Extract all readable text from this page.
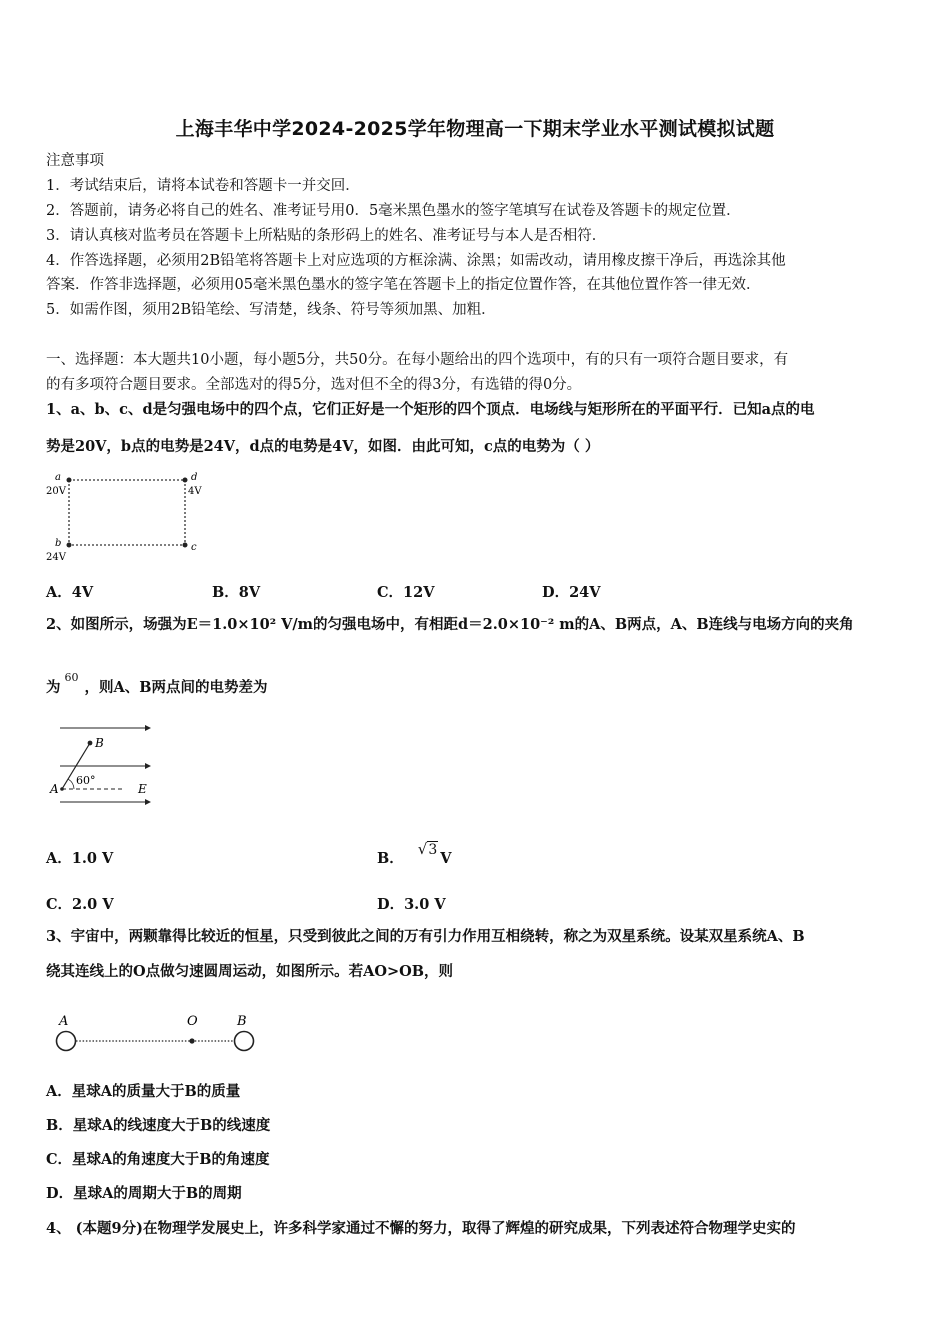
上海丰华中学2024-2025学年物理高一下期末学业水平测试模拟试题
注意事项
1．考试结束后，请将本试卷和答题卡一并交回．
2．答题前，请务必将自己的姓名、准考证号用0．5毫米黑色墨水的签字笔填写在试卷及答题卡的规定位置．
3．请认真核对监考员在答题卡上所粘贴的条形码上的姓名、准考证号与本人是否相符．
4．作答选择题，必须用2B铅笔将答题卡上对应选项的方框涂满、涂黑；如需改动，请用橡皮擦干净后，再选涂其他
答案．作答非选择题，必须用05毫米黑色墨水的签字笔在答题卡上的指定位置作答，在其他位置作答一律无效．
5．如需作图，须用2B铅笔绘、写清楚，线条、符号等须加黑、加粗．
一、选择题：本大题共10小题，每小题5分，共50分。在每小题给出的四个选项中，有的只有一项符合题目要求，有
的有多项符合题目要求。全部选对的得5分，选对但不全的得3分，有选错的得0分。
1、a、b、c、d是匀强电场中的四个点，它们正好是一个矩形的四个顶点．电场线与矩形所在的平面平行．已知a点的电
势是20V，b点的电势是24V，d点的电势是4V，如图．由此可知，c点的电势为（ ）
a
20V
d
4V
b
24V
c
A．4V	B．8V	C．12V	D．24V
2、如图所示，场强为E＝1.0×10² V/m的匀强电场中，有相距d＝2.0×10⁻² m的A、B两点，A、B连线与电场方向的夹角
为60，则A、B两点间的电势差为
B
A
60°
E
A．1.0 V	B．√3 V
C．2.0 V	D．3.0 V
3、宇宙中，两颗靠得比较近的恒星，只受到彼此之间的万有引力作用互相绕转，称之为双星系统。设某双星系统A、B
绕其连线上的O点做匀速圆周运动，如图所示。若AO>OB，则
A	O	B
A．星球A的质量大于B的质量
B．星球A的线速度大于B的线速度
C．星球A的角速度大于B的角速度
D．星球A的周期大于B的周期
4、 (本题9分)在物理学发展史上，许多科学家通过不懈的努力，取得了辉煌的研究成果，下列表述符合物理学史实的
